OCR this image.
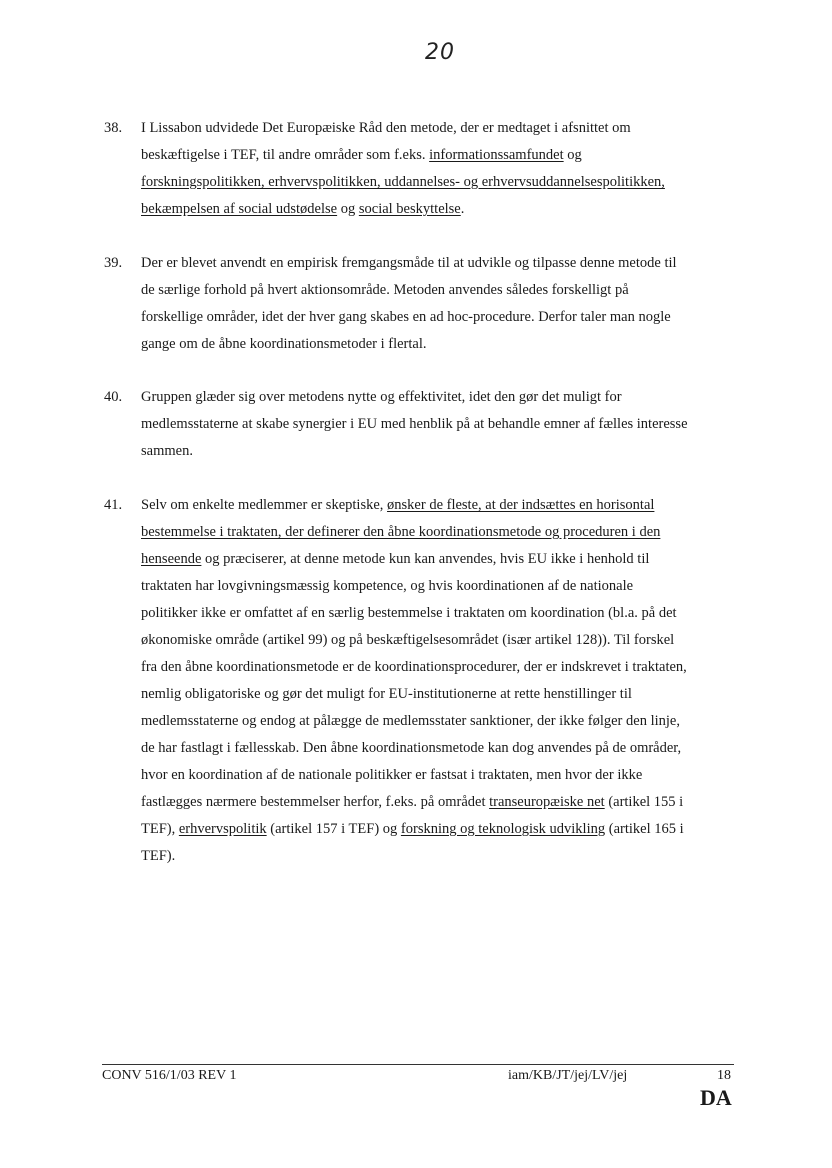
20
38. I Lissabon udvidede Det Europæiske Råd den metode, der er medtaget i afsnittet om
beskæftigelse i TEF, til andre områder som f.eks. informationssamfundet og
forskningspolitikken, erhvervspolitikken, uddannelses- og erhvervsuddannelsespolitikken,
bekæmpelsen af social udstødelse og social beskyttelse.
39. Der er blevet anvendt en empirisk fremgangsmåde til at udvikle og tilpasse denne metode til
de særlige forhold på hvert aktionsområde. Metoden anvendes således forskelligt på
forskellige områder, idet der hver gang skabes en ad hoc-procedure. Derfor taler man nogle
gange om de åbne koordinationsmetoder i flertal.
40. Gruppen glæder sig over metodens nytte og effektivitet, idet den gør det muligt for
medlemsstaterne at skabe synergier i EU med henblik på at behandle emner af fælles interesse
sammen.
41. Selv om enkelte medlemmer er skeptiske, ønsker de fleste, at der indsættes en horisontal
bestemmelse i traktaten, der definerer den åbne koordinationsmetode og proceduren i den
henseende og præciserer, at denne metode kun kan anvendes, hvis EU ikke i henhold til
traktaten har lovgivningsmæssig kompetence, og hvis koordinationen af de nationale
politikker ikke er omfattet af en særlig bestemmelse i traktaten om koordination (bl.a. på det
økonomiske område (artikel 99) og på beskæftigelsesområdet (især artikel 128)). Til forskel
fra den åbne koordinationsmetode er de koordinationsprocedurer, der er indskrevet i traktaten,
nemlig obligatoriske og gør det muligt for EU-institutionerne at rette henstillinger til
medlemsstaterne og endog at pålægge de medlemsstater sanktioner, der ikke følger den linje,
de har fastlagt i fællesskab. Den åbne koordinationsmetode kan dog anvendes på de områder,
hvor en koordination af de nationale politikker er fastsat i traktaten, men hvor der ikke
fastlægges nærmere bestemmelser herfor, f.eks. på området transeuropæiske net (artikel 155 i
TEF), erhvervspolitik (artikel 157 i TEF) og forskning og teknologisk udvikling (artikel 165 i
TEF).
CONV 516/1/03 REV 1	iam/KB/JT/jej/LV/jej	18
DA
